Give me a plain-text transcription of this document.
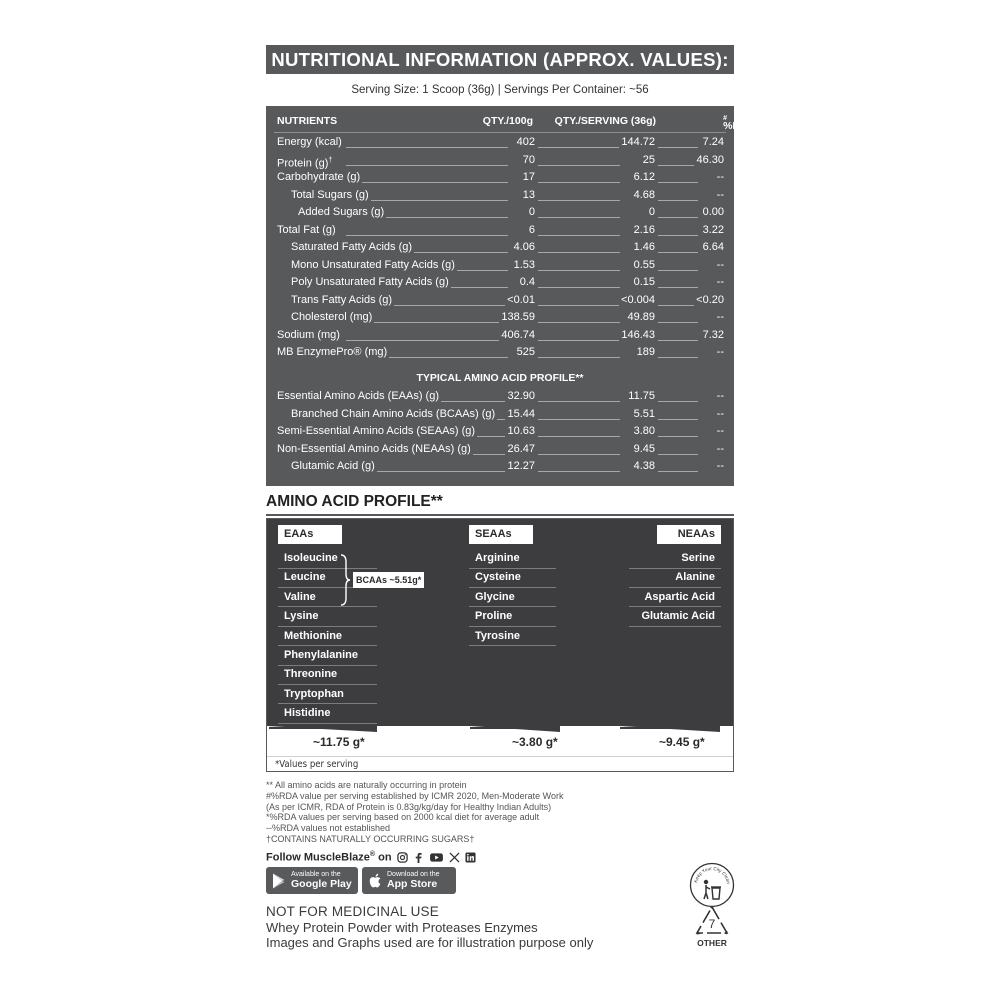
NUTRITIONAL INFORMATION (APPROX. VALUES):
Serving Size: 1 Scoop (36g) | Servings Per Container: ~56
NUTRIENTS	QTY./100g QTY./SERVING (36g)	%RDA
#
Energy (kcal)	402	144.72	7.24
Protein (g)†	70	25	46.30
Carbohydrate (g)	17	6.12	--
Total Sugars (g)	13	4.68	--
Added Sugars (g)	0	0	0.00
Total Fat (g)	6	2.16	3.22
Saturated Fatty Acids (g)	4.06	1.46	6.64
Mono Unsaturated Fatty Acids (g)	1.53	0.55	--
Poly Unsaturated Fatty Acids (g)	0.4	0.15	--
Trans Fatty Acids (g)	<0.01	<0.004	<0.20
Cholesterol (mg)	138.59	49.89	--
Sodium (mg)	406.74	146.43	7.32
MB EnzymePro® (mg)	525	189	--
TYPICAL AMINO ACID PROFILE**
Essential Amino Acids (EAAs) (g)	32.90	11.75	--
Branched Chain Amino Acids (BCAAs) (g) 15.44	5.51	--
Semi-Essential Amino Acids (SEAAs) (g)	10.63	3.80	--
Non-Essential Amino Acids (NEAAs) (g)	26.47	9.45	--
Glutamic Acid (g)	12.27	4.38	--
AMINO ACID PROFILE**
EAAs	SEAAs	NEAAs
Isoleucine
Leucine
Valine
Lysine
Methionine
Phenylalanine
Threonine
Tryptophan
Histidine
Arginine
Cysteine
Glycine
Proline
Tyrosine
Serine
Alanine
Aspartic Acid
Glutamic Acid
BCAAs ~5.51g*
~11.75 g*	~3.80 g*	~9.45 g*
*Values per serving

** All amino acids are naturally occurring in protein

#%RDA value per serving established by ICMR 2020, Men-Moderate Work

(As per ICMR, RDA of Protein is 0.83g/kg/day for Healthy Indian Adults)

*%RDA values per serving based on 2000 kcal diet for average adult

--%RDA values not established

†CONTAINS NATURALLY OCCURRING SUGARS†

Follow MuscleBlaze® on
Available on the
Google Play
Download on the
App Store
NOT FOR MEDICINAL USE
Whey Protein Powder with Proteases Enzymes
Images and Graphs used are for illustration purpose only
Keep Your City Clean
7
OTHER
